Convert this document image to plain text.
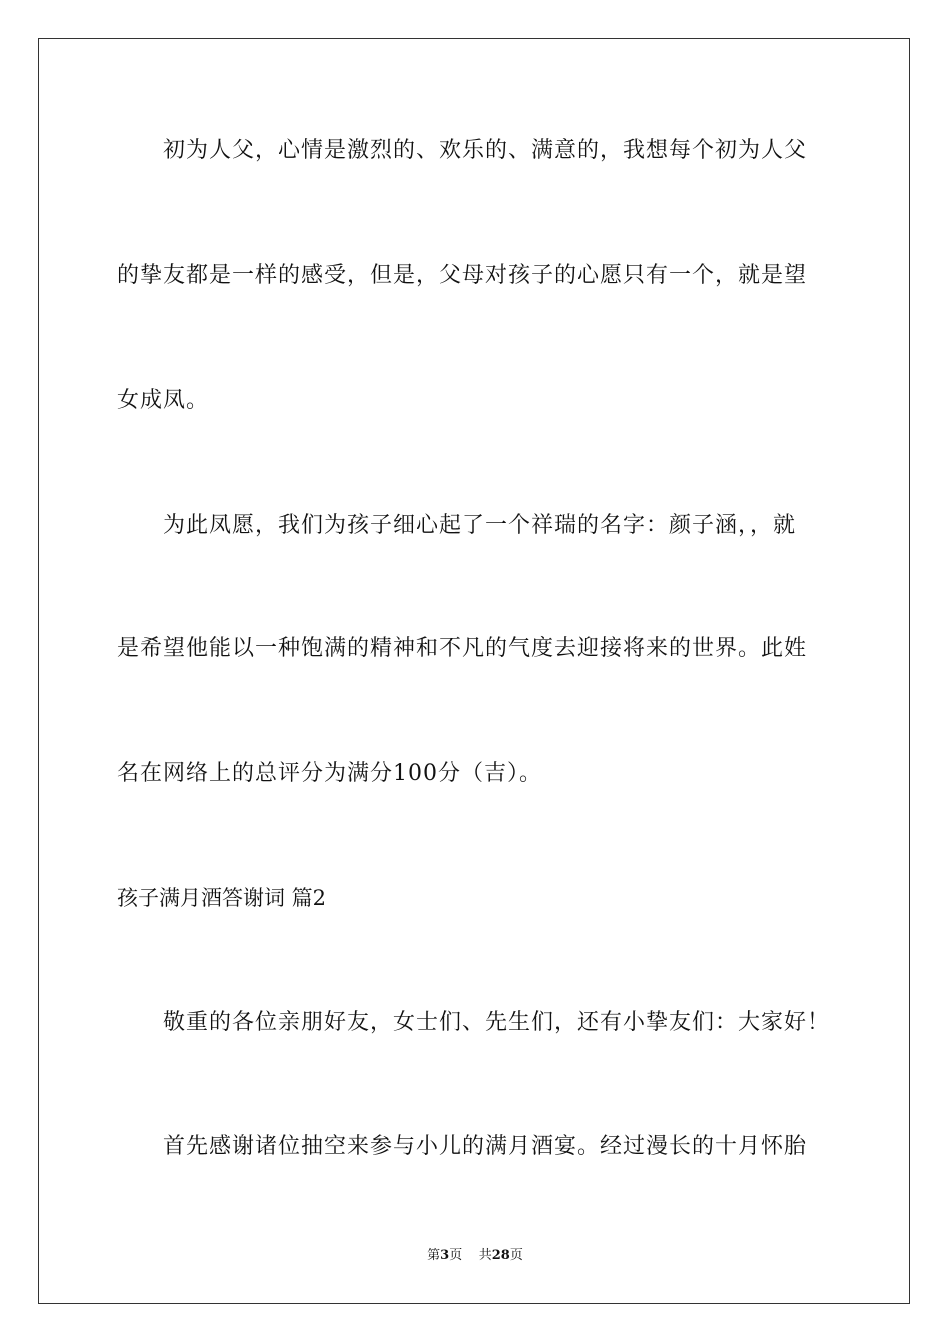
初为人父，心情是激烈的、欢乐的、满意的，我想每个初为人父
的挚友都是一样的感受，但是，父母对孩子的心愿只有一个，就是望
女成凤。
为此凤愿，我们为孩子细心起了一个祥瑞的名字：颜子涵，，就
是希望他能以一种饱满的精神和不凡的气度去迎接将来的世界。此姓
名在网络上的总评分为满分100分（吉）。
孩子满月酒答谢词 篇2
敬重的各位亲朋好友，女士们、先生们，还有小挚友们：大家好！
首先感谢诸位抽空来参与小儿的满月酒宴。经过漫长的十月怀胎
第3页 共28页
